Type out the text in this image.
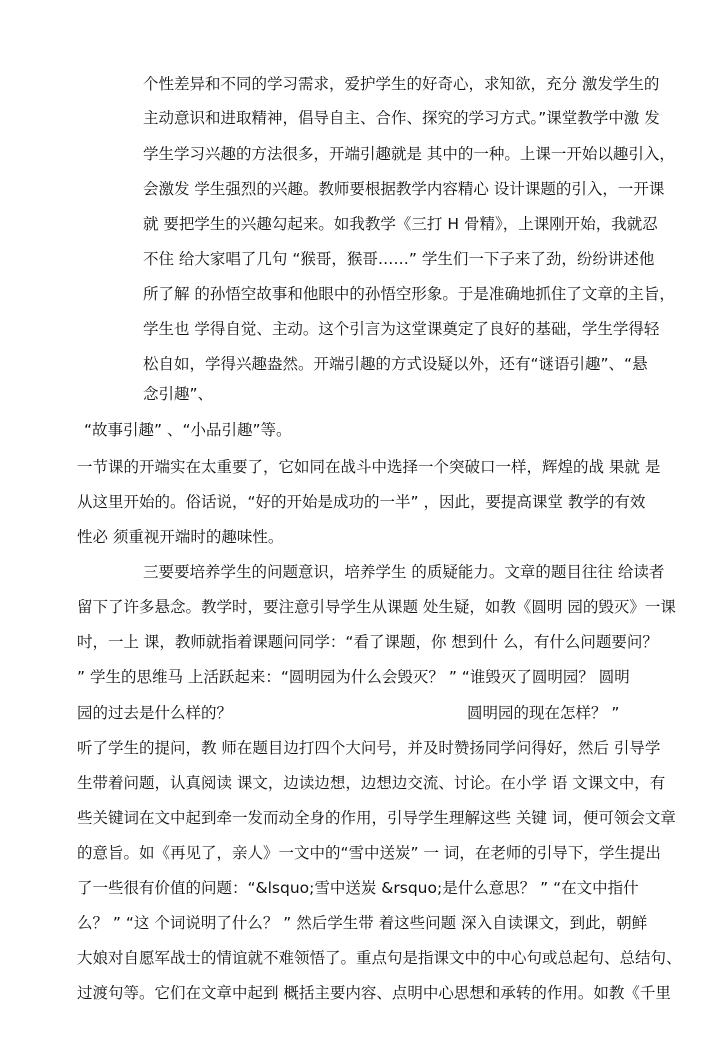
个性差异和不同的学习需求，爱护学生的好奇心，求知欲，充分 激发学生的
主动意识和进取精神，倡导自主、合作、探究的学习方式。”课堂教学中激 发
学生学习兴趣的方法很多，开端引趣就是 其中的一种。上课一开始以趣引入，
会激发 学生强烈的兴趣。教师要根据教学内容精心 设计课题的引入，一开课
就 要把学生的兴趣勾起来。如我教学《三打 H 骨精》，上课刚开始，我就忍
不住 给大家唱了几句 “猴哥，猴哥……” 学生们一下子来了劲，纷纷讲述他
所了解 的孙悟空故事和他眼中的孙悟空形象。于是准确地抓住了文章的主旨，
学生也 学得自觉、主动。这个引言为这堂课奠定了良好的基础，学生学得轻
松自如，学得兴趣盎然。开端引趣的方式设疑以外，还有“谜语引趣”、“悬
念引趣”、
“故事引趣” 、“小品引趣”等。
一节课的开端实在太重要了，它如同在战斗中选择一个突破口一样，辉煌的战 果就 是
从这里开始的。俗话说，“好的开始是成功的一半” ，因此，要提高课堂 教学的有效
性必 须重视开端时的趣味性。
三要要培养学生的问题意识，培养学生 的质疑能力。文章的题目往往 给读者
留下了许多悬念。教学时，要注意引导学生从课题 处生疑，如教《圆明 园的毁灭》一课
吋，一上 课，教师就指着课题问同学：“看了课题，你 想到什 么，有什么问题要问？
” 学生的思维马 上活跃起来：“圆明园为什么会毁灭？ ” “谁毁灭了圆明园？ 圆明
园的过去是什么样的？	圆明园的现在怎样？ ”
听了学生的提问，教 师在题目边打四个大问号，并及时赞扬同学问得好，然后 引导学
生带着问题，认真阅读 课文，边读边想，边想边交流、讨论。在小学 语 文课文中，有
些关键词在文中起到牵一发而动全身的作用，引导学生理解这些 关键 词，便可领会文章
的意旨。如《再见了，亲人》一文中的“雪中送炭” 一 词，在老师的引导下，学生提出
了一些很有价值的问题：“&lsquo;雪中送炭 &rsquo;是什么意思？ ” “在文中指什
么？ ” “这 个词说明了什么？ ” 然后学生带 着这些问题 深入自读课文，到此，朝鲜
大娘对自愿军战士的情谊就不难领悟了。重点句是指课文中的中心句或总起句、总结句、
过渡句等。它们在文章中起到 概括主要内容、点明中心思想和承转的作用。如教《千里
